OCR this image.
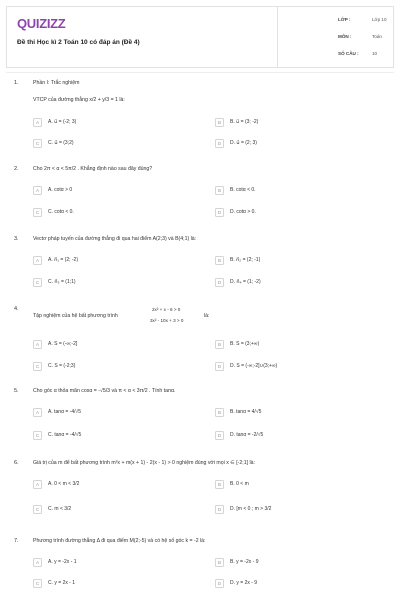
QUIZIZZ
Đề thi Học kì 2 Toán 10 có đáp án (Đề 4)
LỚP :	Lớp 10
MÔN :	Toán
SỐ CÂU :	10
1.	Phần I: Trắc nghiệm
VTCP của đường thẳng x/2 + y/3 = 1 là:
A	A. u⃗ = (-2; 3)	B	B. u⃗ = (3; -2)
C	C. u⃗ = (3;2)	D	D. u⃗ = (2; 3)
2.	Cho 2π < α < 5π/2 . Khẳng định nào sau đây đúng?
A	A. cotα > 0	B	B. cotα < 0.
C	C. cotα < 0.	D	D. cotα > 0.
3.	Vectơ pháp tuyến của đường thẳng đi qua hai điểm A(2;3) và B(4;1) là:
A	A. n⃗₁ = (2; -2)	B	B. n⃗₂ = (2; -1)
C	C. n⃗₃ = (1;1)	D	D. n⃗₄ = (1; -2)
4.
Tập nghiệm của hệ bất phương trình
2x² + x - 6 > 0
3x² - 10x + 3 > 0
là:
A	A. S = (-∞;-2]	B	B. S = (3;+∞)
C	C. S = (-2;3)	D	D. S = (-∞;-2]∪(3;+∞)
5.	Cho góc α thỏa mãn cosα = -√5/3 và π < α < 3π/2 . Tính tanα.
A	A. tanα = -4/√5	B	B. tanα = 4/√5
C	C. tanα = -4/√5	D	D. tanα = -2/√5
6.	Giá trị của m để bất phương trình m²x + m(x + 1) - 2(x - 1) > 0 nghiệm đúng với mọi x ∈ [-2;1] là:
A	A. 0 < m < 3/2	B	B. 0 < m
C	C. m < 3/2	D	D. [m < 0 ; m > 3/2
7.	Phương trình đường thẳng Δ đi qua điểm M(2;-5) và có hệ số góc k = -2 là:
A	A. y = -2x - 1	B	B. y = -2x - 9
C	C. y = 2x - 1	D	D. y = 2x - 9
